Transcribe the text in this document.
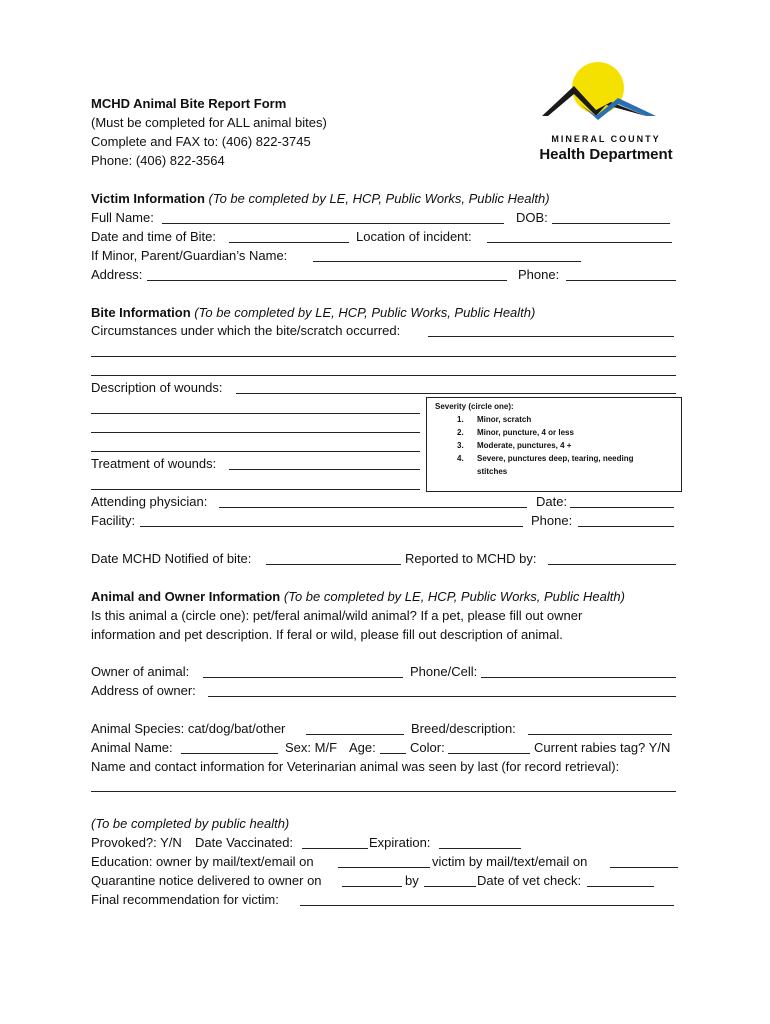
MINERAL COUNTY
Health Department
MCHD Animal Bite Report Form
(Must be completed for ALL animal bites)
Complete and FAX to: (406) 822-3745
Phone: (406) 822-3564
Victim Information (To be completed by LE, HCP, Public Works, Public Health)
Full Name:	DOB:
Date and time of Bite:	Location of incident:
If Minor, Parent/Guardian’s Name:
Address:	Phone:
Bite Information (To be completed by LE, HCP, Public Works, Public Health)
Circumstances under which the bite/scratch occurred:
Description of wounds:
Treatment of wounds:
Severity (circle one):
1. Minor, scratch
2. Minor, puncture, 4 or less
3. Moderate, punctures, 4 +
4. Severe, punctures deep, tearing, needing
stitches
Attending physician:	Date:
Facility:	Phone:
Date MCHD Notified of bite:	Reported to MCHD by:
Animal and Owner Information (To be completed by LE, HCP, Public Works, Public Health)
Is this animal a (circle one): pet/feral animal/wild animal? If a pet, please fill out owner
information and pet description. If feral or wild, please fill out description of animal.
Owner of animal:	Phone/Cell:
Address of owner:
Animal Species: cat/dog/bat/other	Breed/description:
Animal Name:	Sex: M/F Age:	Color:	Current rabies tag? Y/N
Name and contact information for Veterinarian animal was seen by last (for record retrieval):
(To be completed by public health)
Provoked?: Y/N Date Vaccinated:	Expiration:
Education: owner by mail/text/email on	victim by mail/text/email on
Quarantine notice delivered to owner on	by	Date of vet check:
Final recommendation for victim:
